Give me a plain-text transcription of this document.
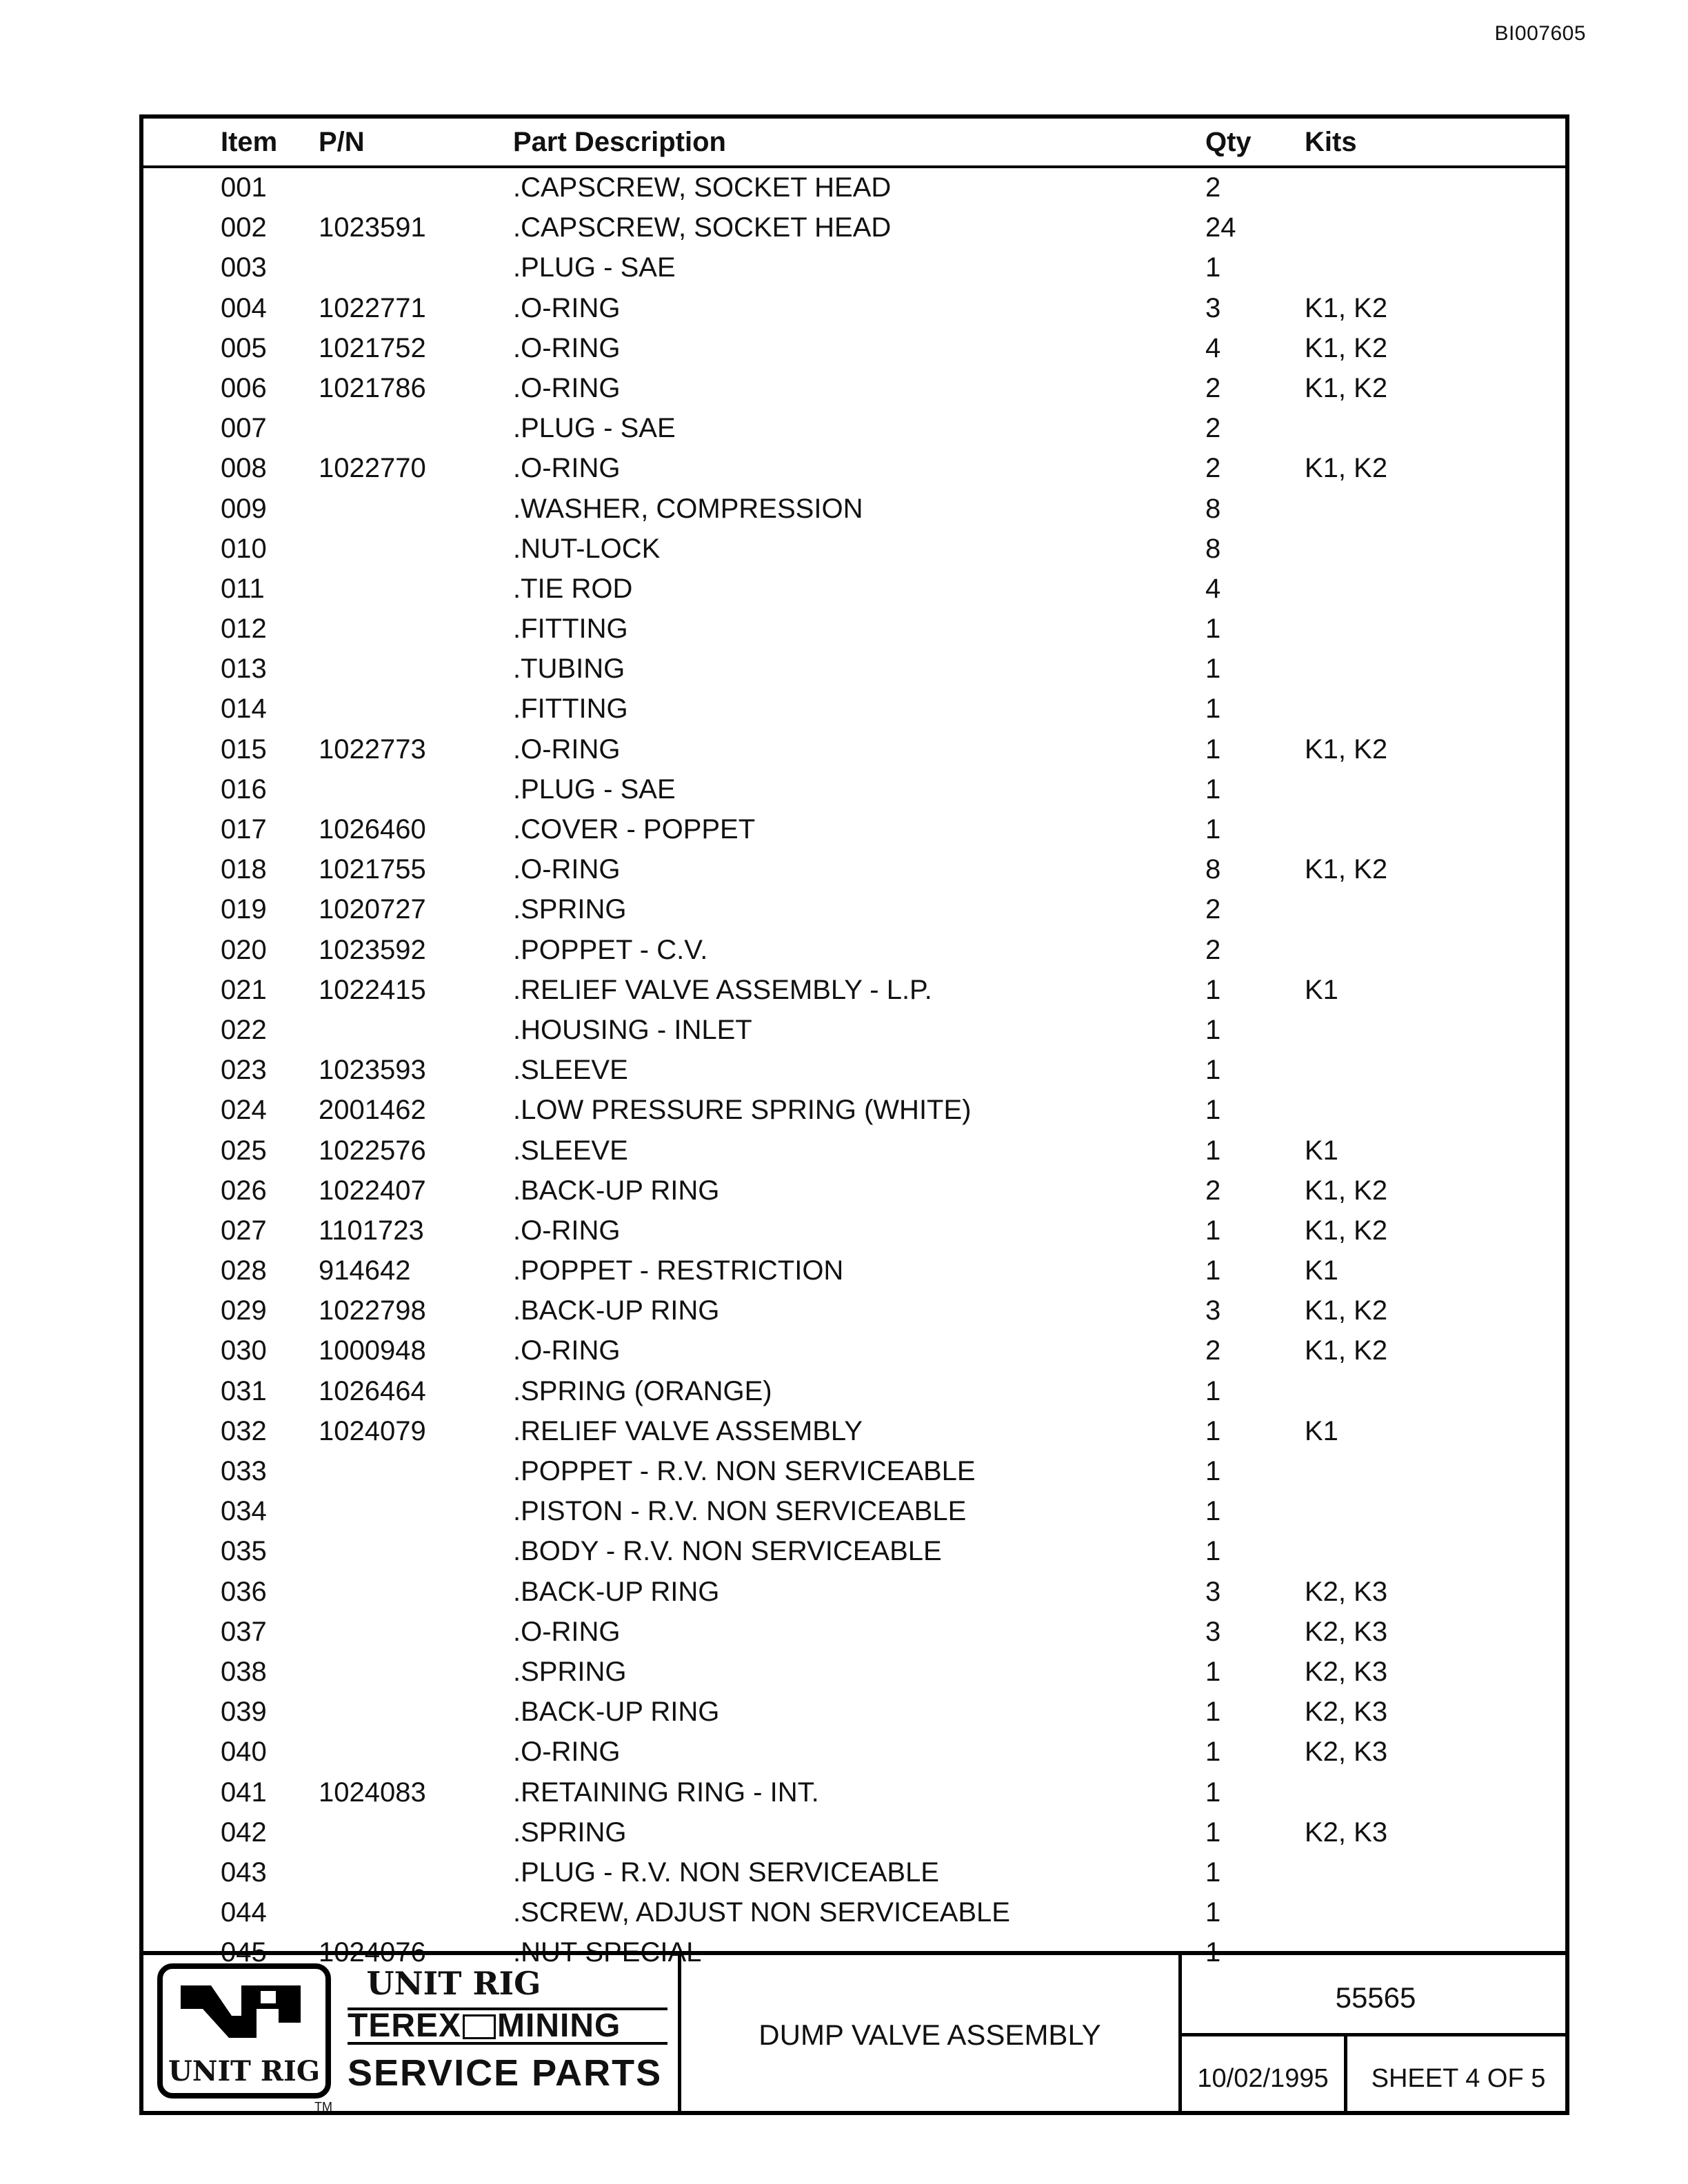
BI007605
Item P/N	Part Description	Qty Kits
001	.CAPSCREW, SOCKET HEAD	2
002 1023591	.CAPSCREW, SOCKET HEAD	24
003	.PLUG - SAE	1
004 1022771	.O-RING	3	K1, K2
005 1021752	.O-RING	4	K1, K2
006 1021786	.O-RING	2	K1, K2
007	.PLUG - SAE	2
008 1022770	.O-RING	2	K1, K2
009	.WASHER, COMPRESSION	8
010	.NUT-LOCK	8
011	.TIE ROD	4
012	.FITTING	1
013	.TUBING	1
014	.FITTING	1
015 1022773	.O-RING	1	K1, K2
016	.PLUG - SAE	1
017 1026460	.COVER - POPPET	1
018 1021755	.O-RING	8	K1, K2
019 1020727	.SPRING	2
020 1023592	.POPPET - C.V.	2
021 1022415	.RELIEF VALVE ASSEMBLY - L.P.	1	K1
022	.HOUSING - INLET	1
023 1023593	.SLEEVE	1
024 2001462	.LOW PRESSURE SPRING (WHITE)	1
025 1022576	.SLEEVE	1	K1
026 1022407	.BACK-UP RING	2	K1, K2
027 1101723	.O-RING	1	K1, K2
028 914642	.POPPET - RESTRICTION	1	K1
029 1022798	.BACK-UP RING	3	K1, K2
030 1000948	.O-RING	2	K1, K2
031 1026464	.SPRING (ORANGE)	1
032 1024079	.RELIEF VALVE ASSEMBLY	1	K1
033	.POPPET - R.V. NON SERVICEABLE	1
034	.PISTON - R.V. NON SERVICEABLE	1
035	.BODY - R.V. NON SERVICEABLE	1
036	.BACK-UP RING	3	K2, K3
037	.O-RING	3	K2, K3
038	.SPRING	1	K2, K3
039	.BACK-UP RING	1	K2, K3
040	.O-RING	1	K2, K3
041 1024083	.RETAINING RING - INT.	1
042	.SPRING	1	K2, K3
043	.PLUG - R.V. NON SERVICEABLE	1
044	.SCREW, ADJUST NON SERVICEABLE	1
045 1024076	.NUT-SPECIAL	1
UNIT RIG
TM
UNIT RIG
TEREX MINING
SERVICE PARTS
DUMP VALVE ASSEMBLY
55565
10/02/1995	SHEET 4 OF 5
